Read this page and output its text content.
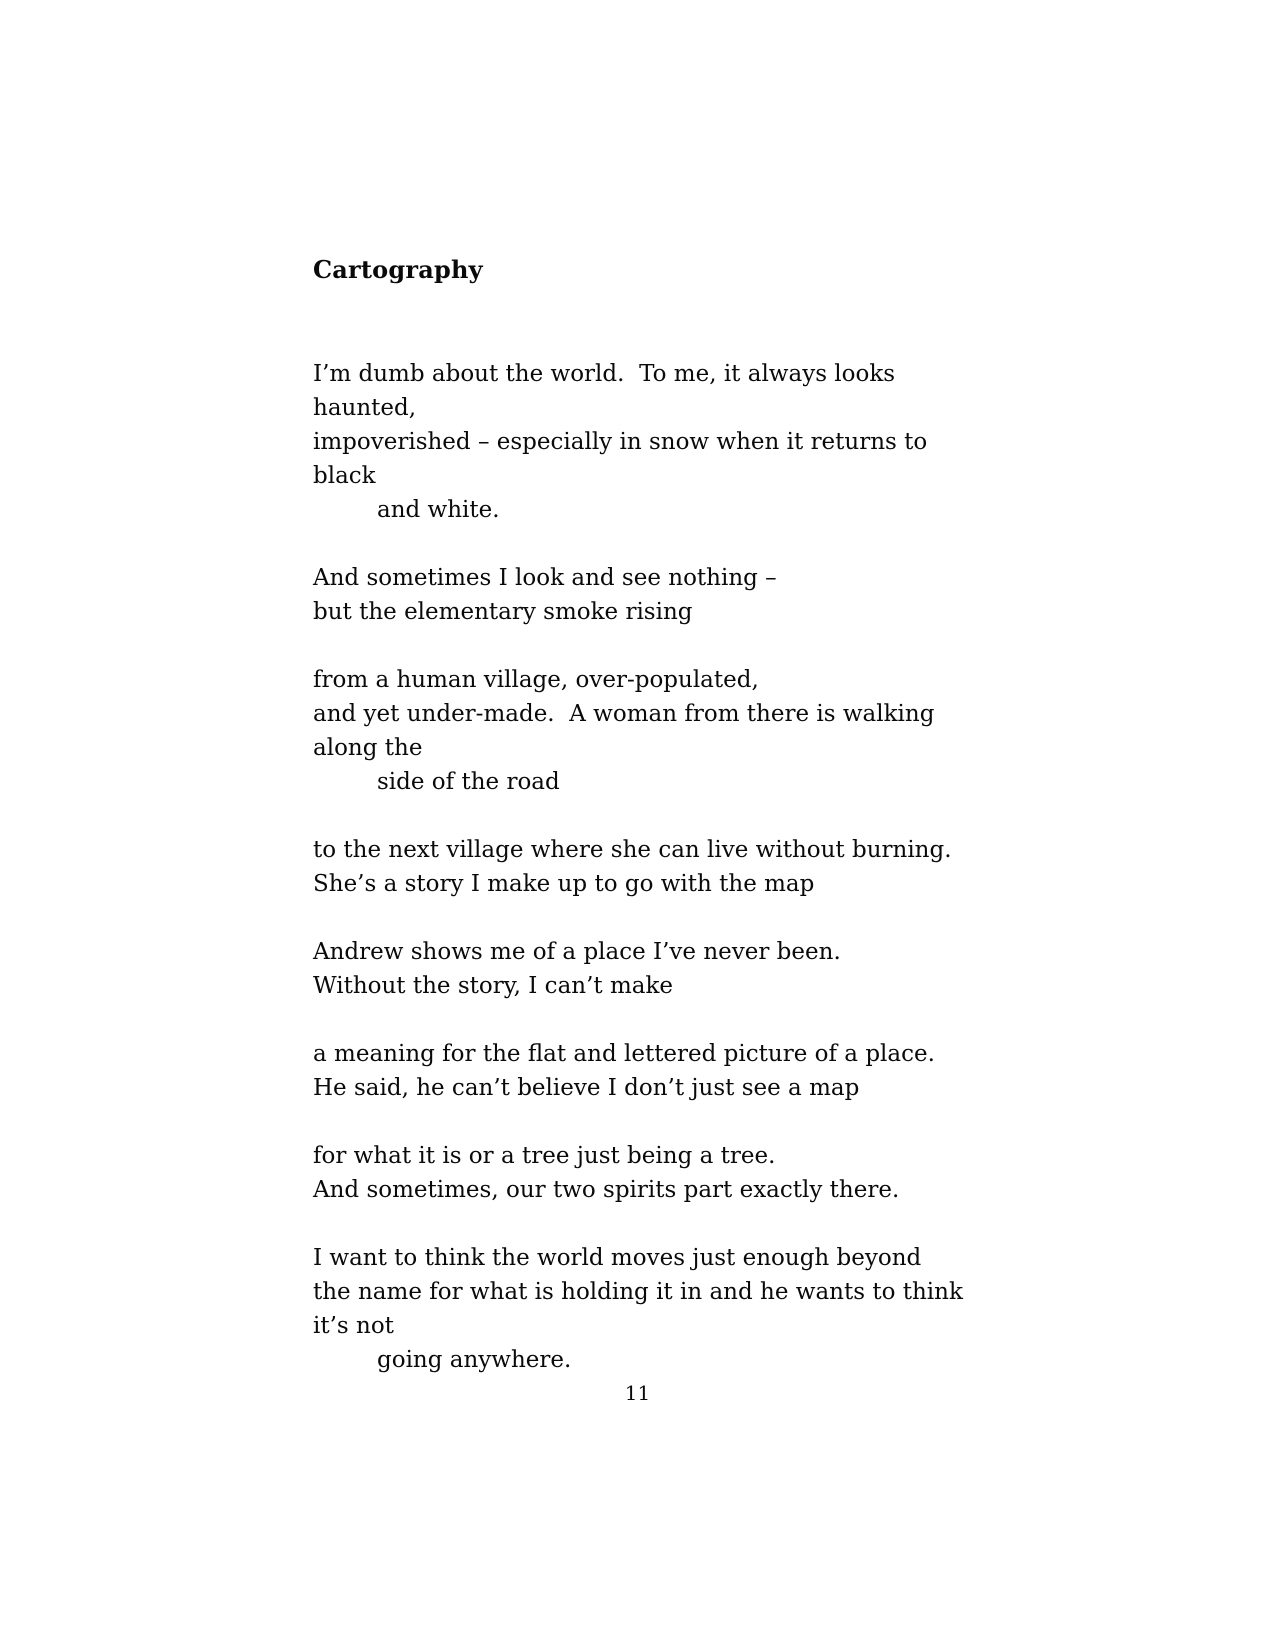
Cartography

I’m dumb about the world.  To me, it always looks haunted,

impoverished – especially in snow when it returns to black

and white.

And sometimes I look and see nothing –

but the elementary smoke rising

from a human village, over-populated,

and yet under-made.  A woman from there is walking along the

side of the road

to the next village where she can live without burning.

She’s a story I make up to go with the map

Andrew shows me of a place I’ve never been.

Without the story, I can’t make

a meaning for the flat and lettered picture of a place.

He said, he can’t believe I don’t just see a map

for what it is or a tree just being a tree.

And sometimes, our two spirits part exactly there.

I want to think the world moves just enough beyond

the name for what is holding it in and he wants to think it’s not

going anywhere.

11
